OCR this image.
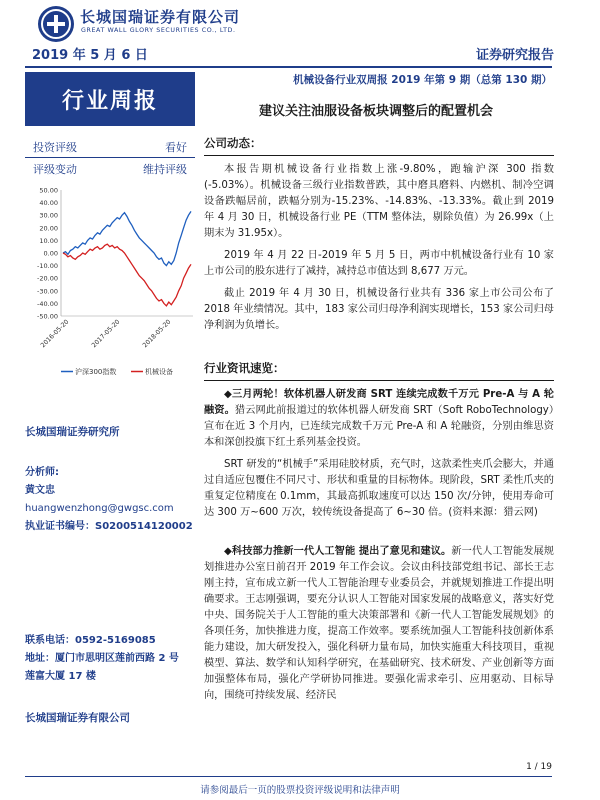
长城国瑞证券有限公司
GREAT WALL GLORY SECURITIES CO., LTD.
2019 年 5 月 6 日	证券研究报告
行业周报
机械设备行业双周报 2019 年第 9 期（总第 130 期）
建议关注油服设备板块调整后的配置机会
投资评级	看好
评级变动	维持评级
50.00
40.00
30.00
20.00
10.00
0.00
-10.00
-20.00
-30.00
-40.00
-50.00
2016-05-20	2017-05-20	2018-05-20
沪深300指数	机械设备
长城国瑞证券研究所
分析师:
黄文忠
huangwenzhong@gwgsc.com
执业证书编号：S0200514120002
联系电话：0592-5169085
地址：厦门市思明区莲前西路 2 号
莲富大厦 17 楼
长城国瑞证券有限公司
公司动态：

本报告期机械设备行业指数上涨-9.80%，跑输沪深 300 指数(-5.03%）。机械设备三级行业指数普跌，其中磨具磨料、内燃机、制冷空调设备跌幅居前，跌幅分别为-15.23%、-14.83%、-13.33%。截止到 2019 年 4 月 30 日，机械设备行业 PE（TTM 整体法，剔除负值）为 26.99x（上期末为 31.95x）。

2019 年 4 月 22 日-2019 年 5 月 5 日，两市中机械设备行业有 10 家上市公司的股东进行了减持，减持总市值达到 8,677 万元。

截止 2019 年 4 月 30 日，机械设备行业共有 336 家上市公司公布了 2018 年业绩情况。其中，183 家公司归母净利润实现增长，153 家公司归母净利润为负增长。

行业资讯速览：

◆三月两轮！软体机器人研发商 SRT 连续完成数千万元 Pre-A 与 A 轮融资。猎云网此前报道过的软体机器人研发商 SRT（Soft RoboTechnology）宣布在近 3 个月内，已连续完成数千万元 Pre-A 和 A 轮融资，分别由维思资本和深创投旗下红土系列基金投资。

SRT 研发的“机械手”采用硅胶材质，充气时，这款柔性夹爪会膨大，并通过自适应包覆住不同尺寸、形状和重量的目标物体。现阶段，SRT 柔性爪夹的重复定位精度在 0.1mm，其最高抓取速度可以达 150 次/分钟，使用寿命可达 300 万~600 万次，较传统设备提高了 6~30 倍。(资料来源：猎云网)

◆科技部力推新一代人工智能 提出了意见和建议。新一代人工智能发展规划推进办公室日前召开 2019 年工作会议。会议由科技部党组书记、部长王志刚主持，宣布成立新一代人工智能治理专业委员会，并就规划推进工作提出明确要求。王志刚强调，要充分认识人工智能对国家发展的战略意义，落实好党中央、国务院关于人工智能的重大决策部署和《新一代人工智能发展规划》的各项任务，加快推进力度，提高工作效率。要系统加强人工智能科技创新体系能力建设，加大研发投入，强化科研力量布局，加快实施重大科技项目，重视模型、算法、数学和认知科学研究，在基础研究、技术研发、产业创新等方面加强整体布局，强化产学研协同推进。要强化需求牵引、应用驱动、目标导向，围绕可持续发展、经济民

1 / 19
请参阅最后一页的股票投资评级说明和法律声明
